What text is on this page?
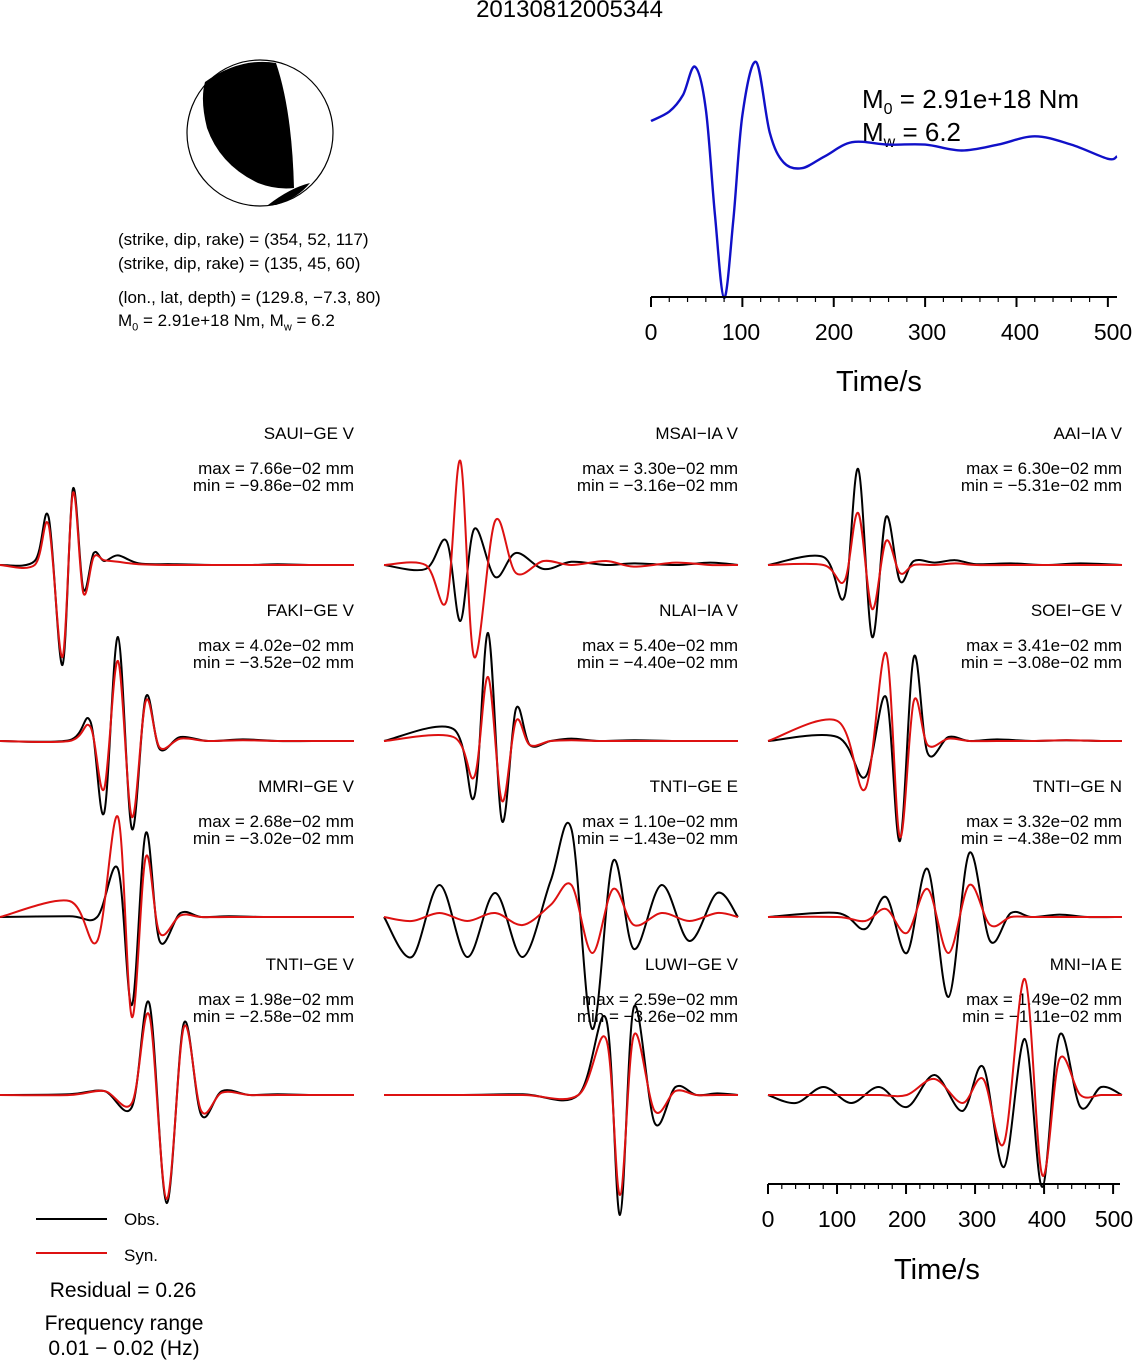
20130812005344
(strike, dip, rake) = (354, 52, 117)
(strike, dip, rake) = (135, 45, 60)
(lon., lat, depth) = (129.8, −7.3, 80)
$M_0 = 2.91e+18$ Nm, $M_w = 6.2$
$M_0 = 2.91e+18$ Nm
$M_w = 6.2$
0	100 200 300 400 500
Time/s
SAUI−GE V
max = 7.66e−02 mm
min = −9.86e−02 mm
MSAI−IA V
max = 3.30e−02 mm
min = −3.16e−02 mm
AAI−IA V
max = 6.30e−02 mm
min = −5.31e−02 mm
FAKI−GE V
max = 4.02e−02 mm
min = −3.52e−02 mm
NLAI−IA V
max = 5.40e−02 mm
min = −4.40e−02 mm
SOEI−GE V
max = 3.41e−02 mm
min = −3.08e−02 mm
MMRI−GE V
max = 2.68e−02 mm
min = −3.02e−02 mm
TNTI−GE E
max = 1.10e−02 mm
min = −1.43e−02 mm
TNTI−GE N
max = 3.32e−02 mm
min = −4.38e−02 mm
TNTI−GE V
max = 1.98e−02 mm
min = −2.58e−02 mm
LUWI−GE V
max = 2.59e−02 mm
min = −3.26e−02 mm
MNI−IA E
max = 1.49e−02 mm
min = −1.11e−02 mm
0 100 200 300 400 500
Time/s
Obs.
Syn.
Residual = 0.26
Frequency range
0.01 − 0.02 (Hz)
